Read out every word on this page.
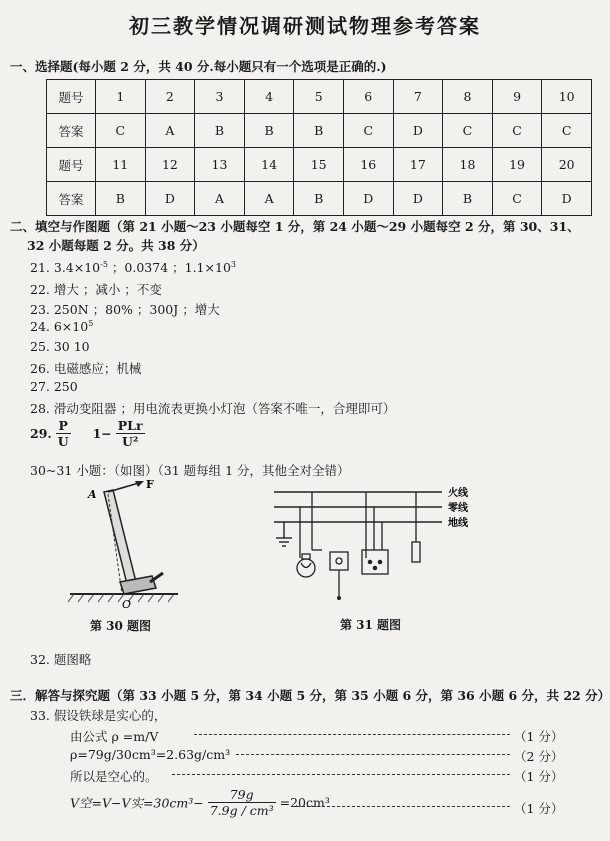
初三教学情况调研测试物理参考答案
一、选择题(每小题 2 分，共 40 分.每小题只有一个选项是正确的.)
题号	1	2	3	4	5	6	7	8	9	10
答案	C	A	B	B	B	C	D	C	C	C
题号	11	12	13	14	15	16	17	18	19	20
答案	B	D	A	A	B	D	D	B	C	D
二、填空与作图题（第 21 小题～23 小题每空 1 分，第 24 小题～29 小题每空 2 分，第 30、31、
32 小题每题 2 分。共 38 分）
21. $3.4\times 10^{-5}$ ；0.0374 ；$1.1\times 10^3$
22. 增大 ；减小 ；不变
23. 250N ；80% ；300J ；增大
24. $6\times 10^5$
25. 30 10
26. 电磁感应；机械
27. 250
28. 滑动变阻器 ；用电流表更换小灯泡（答案不唯一，合理即可）
29. $\frac{P}{U} 1- \frac{\text{PLr}}{\text{U²}}$
30~31 小题：（如图）（31 题每组 1 分，其他全对全错）
A
F
O
第 30 题图
火线
零线
地线
第 31 题图
32. 题图略
三．解答与探究题（第 33 小题 5 分，第 34 小题 5 分，第 35 小题 6 分，第 36 小题 6 分，共 22 分）
33. 假设铁球是实心的，
由公式 ρ =m/V	（1 分）
ρ=79g/30cm³=2.63g/cm³	（2 分）
所以是空心的。	（1 分）
V空=V−V实$=30cm^3- \frac{79g}{\text{7.9g / cm³}} =20cm^3$	（1 分）
